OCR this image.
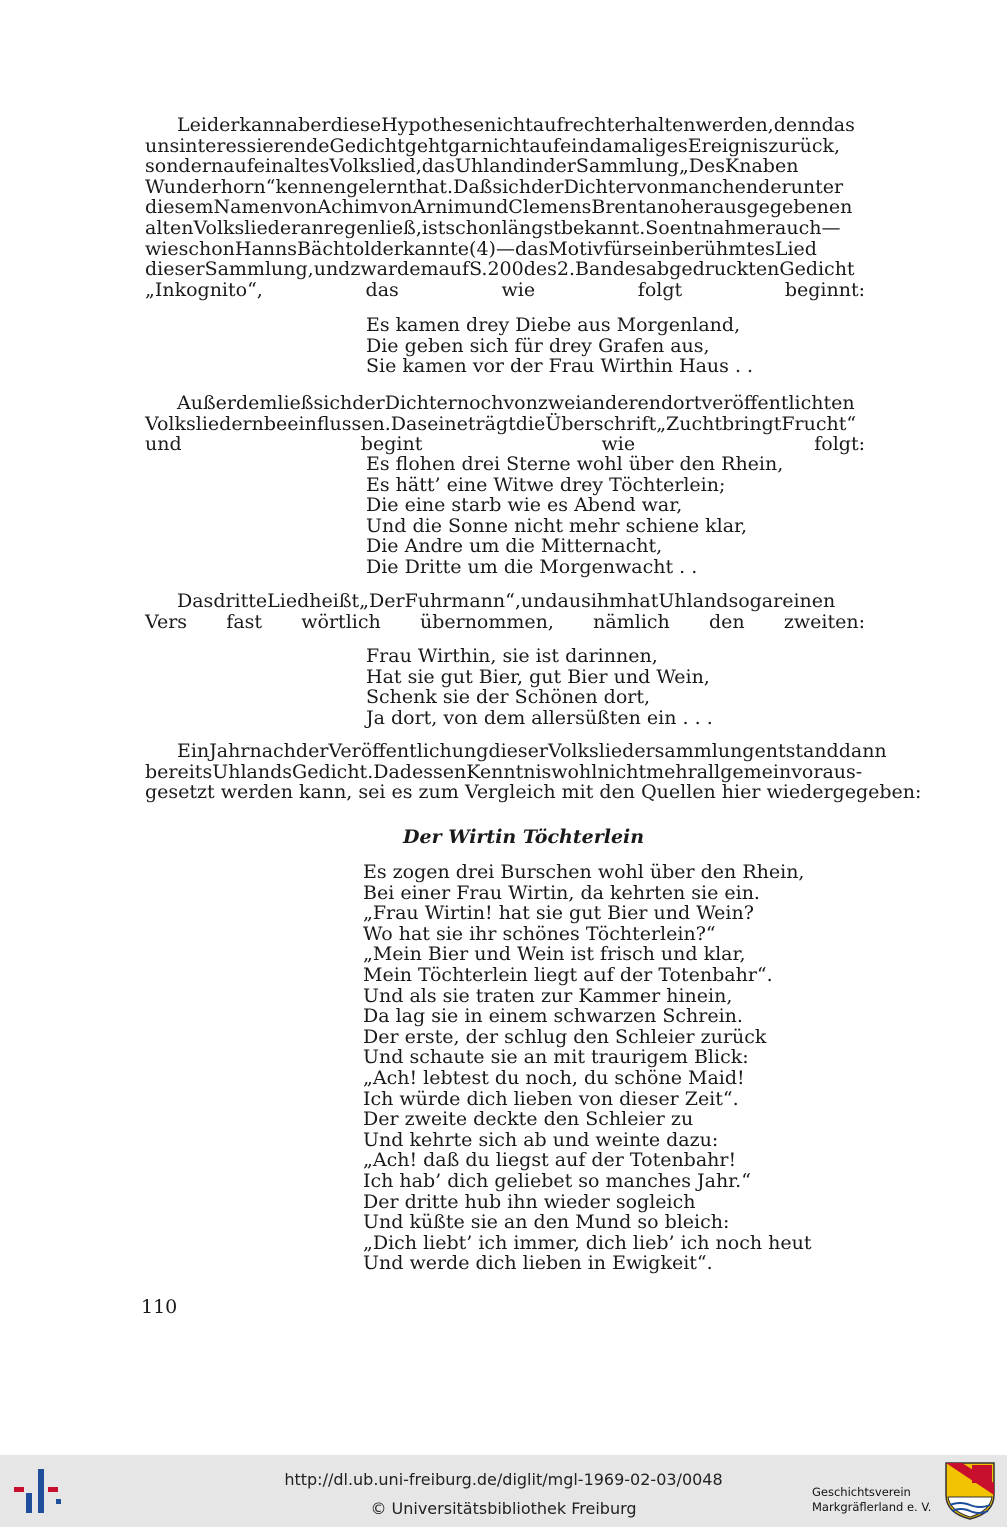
LeiderkannaberdieseHypothesenichtaufrechterhaltenwerden,denndas
unsinteressierendeGedichtgehtgarnichtaufeindamaligesEreigniszurück,
sondernaufeinaltesVolkslied,dasUhlandinderSammlung„DesKnaben
Wunderhorn“kennengelernthat.DaßsichderDichtervonmanchenderunter
diesemNamenvonAchimvonArnimundClemensBrentanoherausgegebenen
altenVolksliederanregenließ,istschonlängstbekannt.Soentnahmerauch—
wieschonHannsBächtolderkannte(4)—dasMotivfürseinberühmtesLied
dieserSammlung,undzwardemaufS.200des2.BandesabgedrucktenGedicht
„Inkognito“, das wie folgt beginnt:
Es kamen drey Diebe aus Morgenland,
Die geben sich für drey Grafen aus,
Sie kamen vor der Frau Wirthin Haus . .
AußerdemließsichderDichternochvonzweianderendortveröffentlichten
Volksliedernbeeinflussen.DaseineträgtdieÜberschrift„ZuchtbringtFrucht“
und begint wie folgt:
Es flohen drei Sterne wohl über den Rhein,
Es hätt’ eine Witwe drey Töchterlein;
Die eine starb wie es Abend war,
Und die Sonne nicht mehr schiene klar,
Die Andre um die Mitternacht,
Die Dritte um die Morgenwacht . .
DasdritteLiedheißt„DerFuhrmann“,undausihmhatUhlandsogareinen
Vers fast wörtlich übernommen, nämlich den zweiten:
Frau Wirthin, sie ist darinnen,
Hat sie gut Bier, gut Bier und Wein,
Schenk sie der Schönen dort,
Ja dort, von dem allersüßten ein . . .
EinJahrnachderVeröffentlichungdieserVolksliedersammlungentstanddann
bereitsUhlandsGedicht.DadessenKenntniswohlnichtmehrallgemeinvoraus-
gesetzt werden kann, sei es zum Vergleich mit den Quellen hier wiedergegeben:
Der Wirtin Töchterlein
Es zogen drei Burschen wohl über den Rhein,
Bei einer Frau Wirtin, da kehrten sie ein.
„Frau Wirtin! hat sie gut Bier und Wein?
Wo hat sie ihr schönes Töchterlein?“
„Mein Bier und Wein ist frisch und klar,
Mein Töchterlein liegt auf der Totenbahr“.
Und als sie traten zur Kammer hinein,
Da lag sie in einem schwarzen Schrein.
Der erste, der schlug den Schleier zurück
Und schaute sie an mit traurigem Blick:
„Ach! lebtest du noch, du schöne Maid!
Ich würde dich lieben von dieser Zeit“.
Der zweite deckte den Schleier zu
Und kehrte sich ab und weinte dazu:
„Ach! daß du liegst auf der Totenbahr!
Ich hab’ dich geliebet so manches Jahr.“
Der dritte hub ihn wieder sogleich
Und küßte sie an den Mund so bleich:
„Dich liebt’ ich immer, dich lieb’ ich noch heut
Und werde dich lieben in Ewigkeit“.
110
http://dl.ub.uni-freiburg.de/diglit/mgl-1969-02-03/0048
© Universitätsbibliothek Freiburg
Geschichtsverein
Markgräflerland e. V.
